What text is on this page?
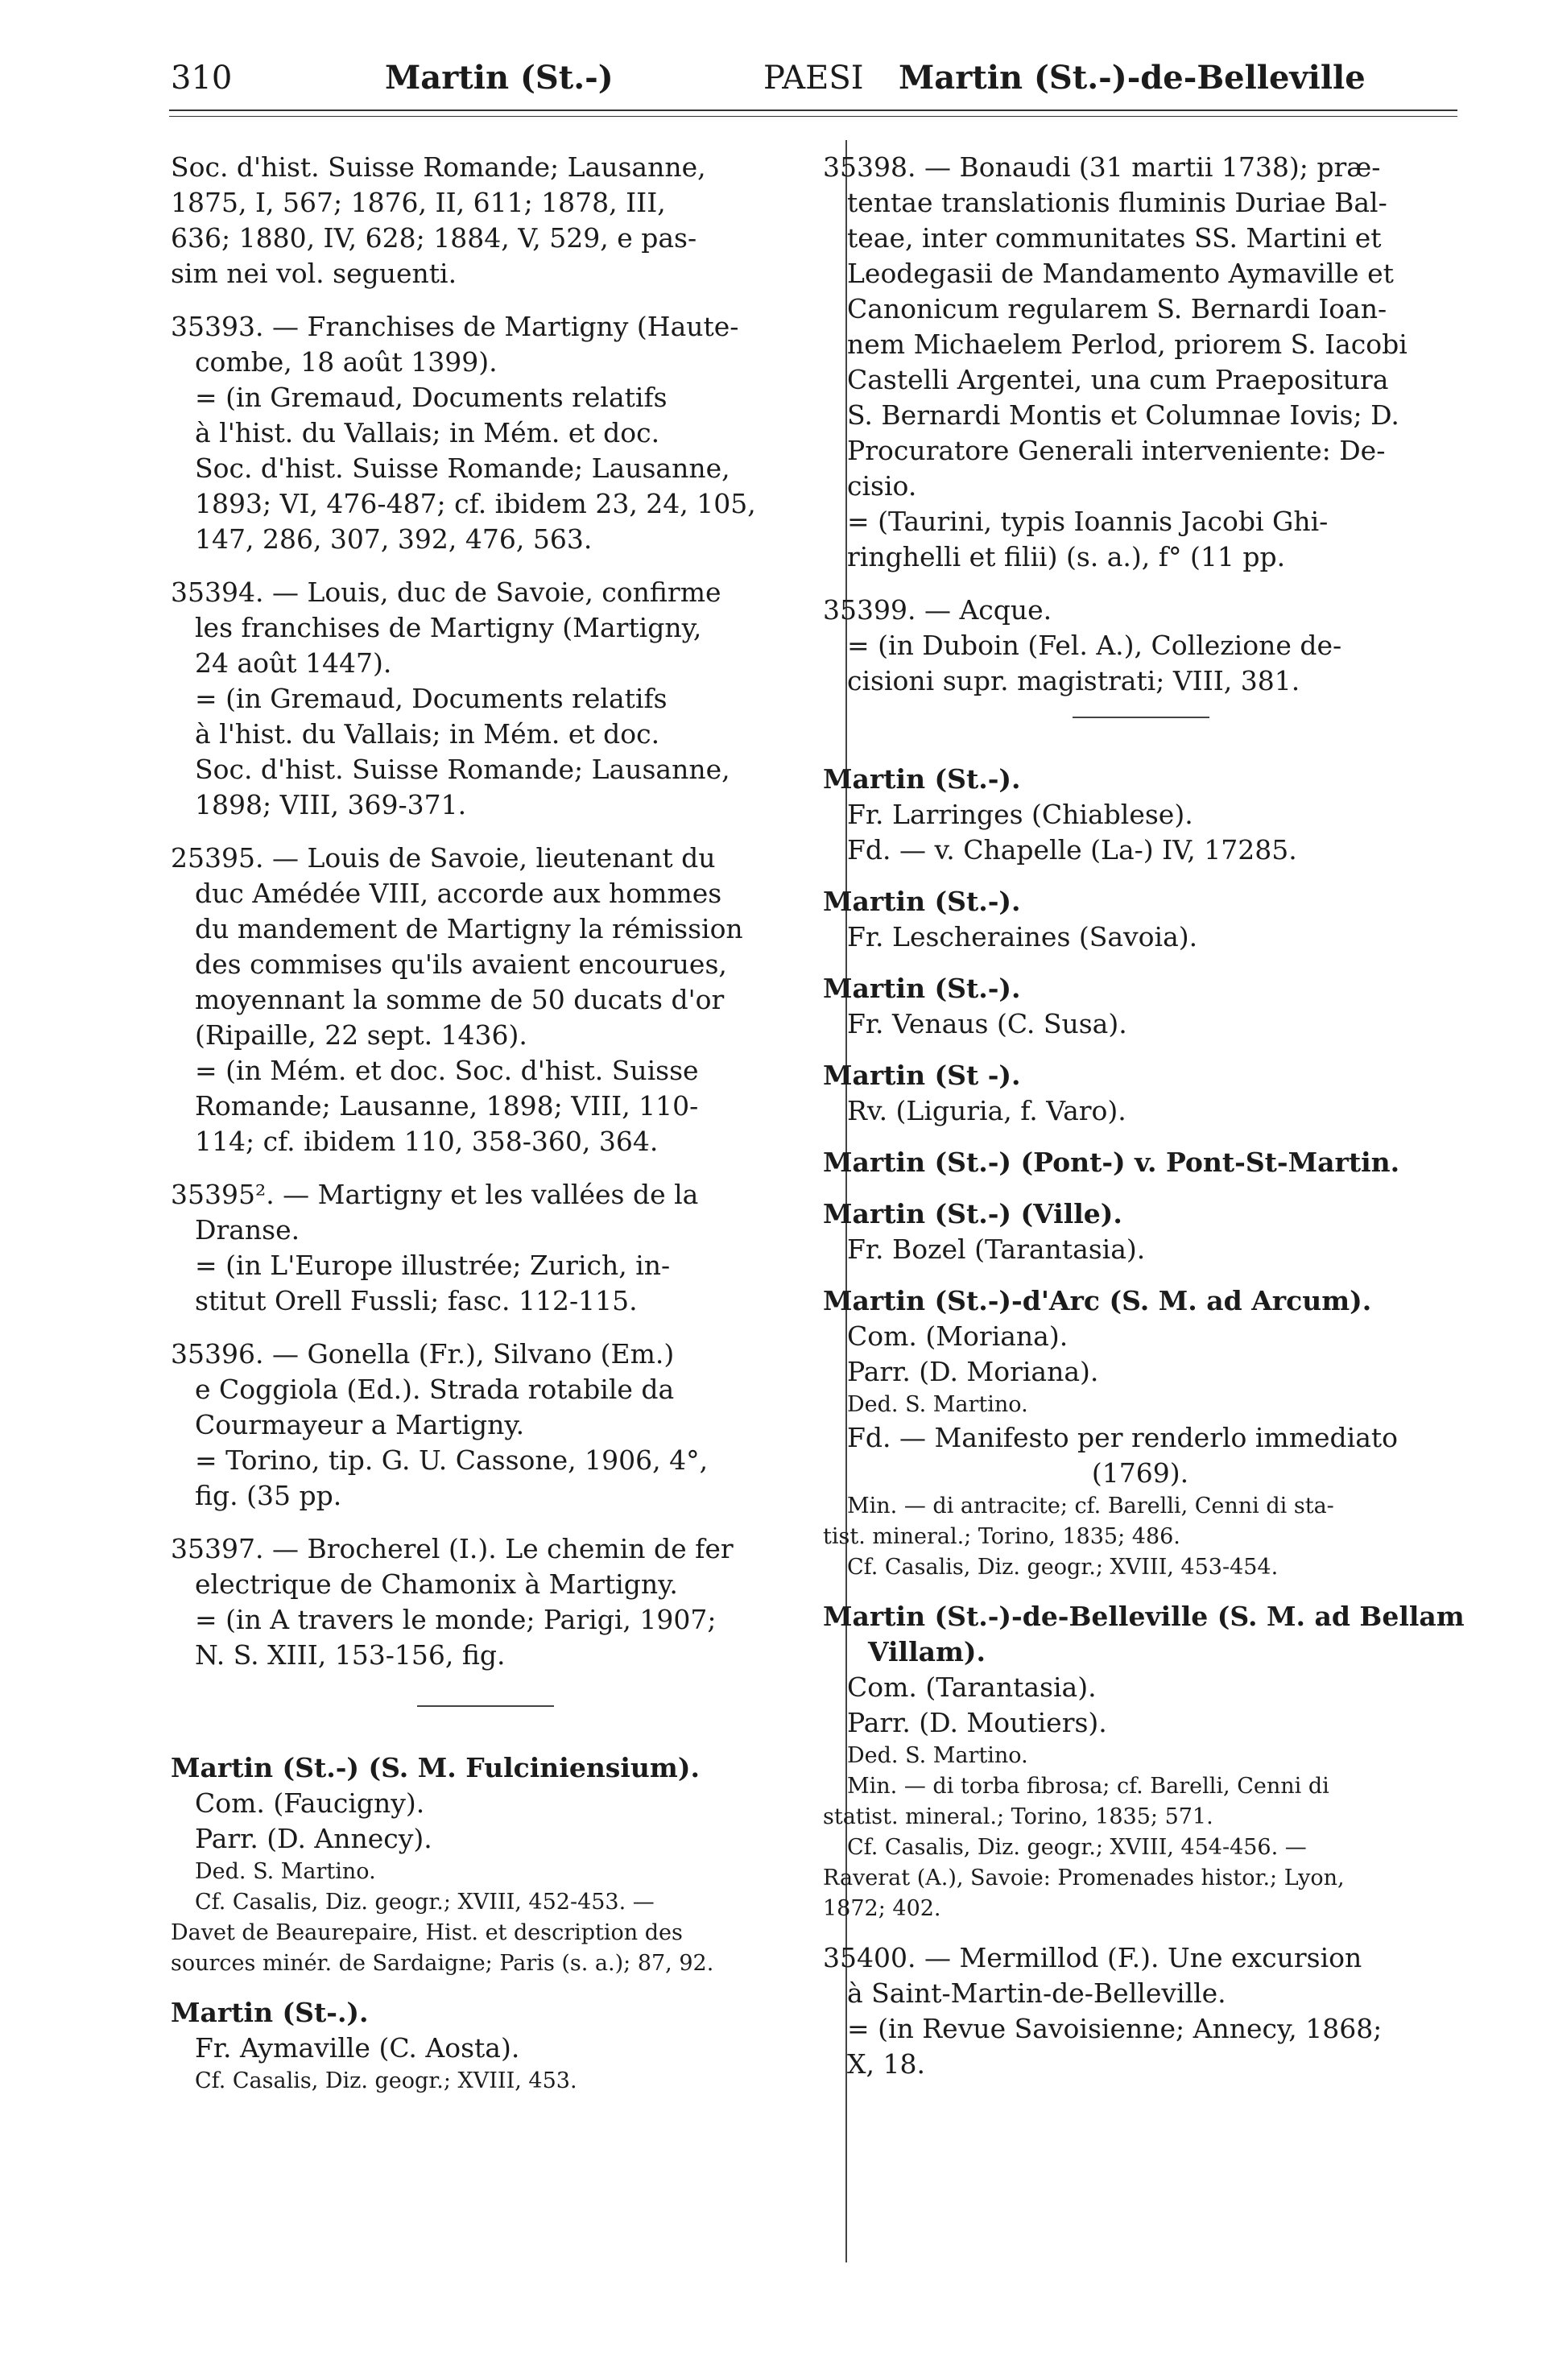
310	Martin (St.-)	PAESI Martin (St.-)-de-Belleville
Soc. d'hist. Suisse Romande; Lausanne,
1875, I, 567; 1876, II, 611; 1878, III,
636; 1880, IV, 628; 1884, V, 529, e pas-
sim nei vol. seguenti.
35393. — Franchises de Martigny (Haute-
combe, 18 août 1399).
= (in Gremaud, Documents relatifs
à l'hist. du Vallais; in Mém. et doc.
Soc. d'hist. Suisse Romande; Lausanne,
1893; VI, 476-487; cf. ibidem 23, 24, 105,
147, 286, 307, 392, 476, 563.
35394. — Louis, duc de Savoie, confirme
les franchises de Martigny (Martigny,
24 août 1447).
= (in Gremaud, Documents relatifs
à l'hist. du Vallais; in Mém. et doc.
Soc. d'hist. Suisse Romande; Lausanne,
1898; VIII, 369-371.
25395. — Louis de Savoie, lieutenant du
duc Amédée VIII, accorde aux hommes
du mandement de Martigny la rémission
des commises qu'ils avaient encourues,
moyennant la somme de 50 ducats d'or
(Ripaille, 22 sept. 1436).
= (in Mém. et doc. Soc. d'hist. Suisse
Romande; Lausanne, 1898; VIII, 110-
114; cf. ibidem 110, 358-360, 364.
35395². — Martigny et les vallées de la
Dranse.
= (in L'Europe illustrée; Zurich, in-
stitut Orell Fussli; fasc. 112-115.
35396. — Gonella (Fr.), Silvano (Em.)
e Coggiola (Ed.). Strada rotabile da
Courmayeur a Martigny.
= Torino, tip. G. U. Cassone, 1906, 4°,
fig. (35 pp.
35397. — Brocherel (I.). Le chemin de fer
electrique de Chamonix à Martigny.
= (in A travers le monde; Parigi, 1907;
N. S. XIII, 153-156, fig.
Martin (St.-) (S. M. Fulciniensium).
Com. (Faucigny).
Parr. (D. Annecy).
Ded. S. Martino.
Cf. Casalis, Diz. geogr.; XVIII, 452-453. —
Davet de Beaurepaire, Hist. et description des
sources minér. de Sardaigne; Paris (s. a.); 87, 92.
Martin (St-.).
Fr. Aymaville (C. Aosta).
Cf. Casalis, Diz. geogr.; XVIII, 453.
35398. — Bonaudi (31 martii 1738); præ-
tentae translationis fluminis Duriae Bal-
teae, inter communitates SS. Martini et
Leodegasii de Mandamento Aymaville et
Canonicum regularem S. Bernardi Ioan-
nem Michaelem Perlod, priorem S. Iacobi
Castelli Argentei, una cum Praepositura
S. Bernardi Montis et Columnae Iovis; D.
Procuratore Generali interveniente: De-
cisio.
= (Taurini, typis Ioannis Jacobi Ghi-
ringhelli et filii) (s. a.), f° (11 pp.
35399. — Acque.
= (in Duboin (Fel. A.), Collezione de-
cisioni supr. magistrati; VIII, 381.
Martin (St.-).
Fr. Larringes (Chiablese).
Fd. — v. Chapelle (La-) IV, 17285.
Martin (St.-).
Fr. Lescheraines (Savoia).
Martin (St.-).
Fr. Venaus (C. Susa).
Martin (St -).
Rv. (Liguria, f. Varo).
Martin (St.-) (Pont-) v. Pont-St-Martin.
Martin (St.-) (Ville).
Fr. Bozel (Tarantasia).
Martin (St.-)-d'Arc (S. M. ad Arcum).
Com. (Moriana).
Parr. (D. Moriana).
Ded. S. Martino.
Fd. — Manifesto per renderlo immediato
(1769).
Min. — di antracite; cf. Barelli, Cenni di sta-
tist. mineral.; Torino, 1835; 486.
Cf. Casalis, Diz. geogr.; XVIII, 453-454.
Martin (St.-)-de-Belleville (S. M. ad Bellam
Villam).
Com. (Tarantasia).
Parr. (D. Moutiers).
Ded. S. Martino.
Min. — di torba fibrosa; cf. Barelli, Cenni di
statist. mineral.; Torino, 1835; 571.
Cf. Casalis, Diz. geogr.; XVIII, 454-456. —
Raverat (A.), Savoie: Promenades histor.; Lyon,
1872; 402.
35400. — Mermillod (F.). Une excursion
à Saint-Martin-de-Belleville.
= (in Revue Savoisienne; Annecy, 1868;
X, 18.
